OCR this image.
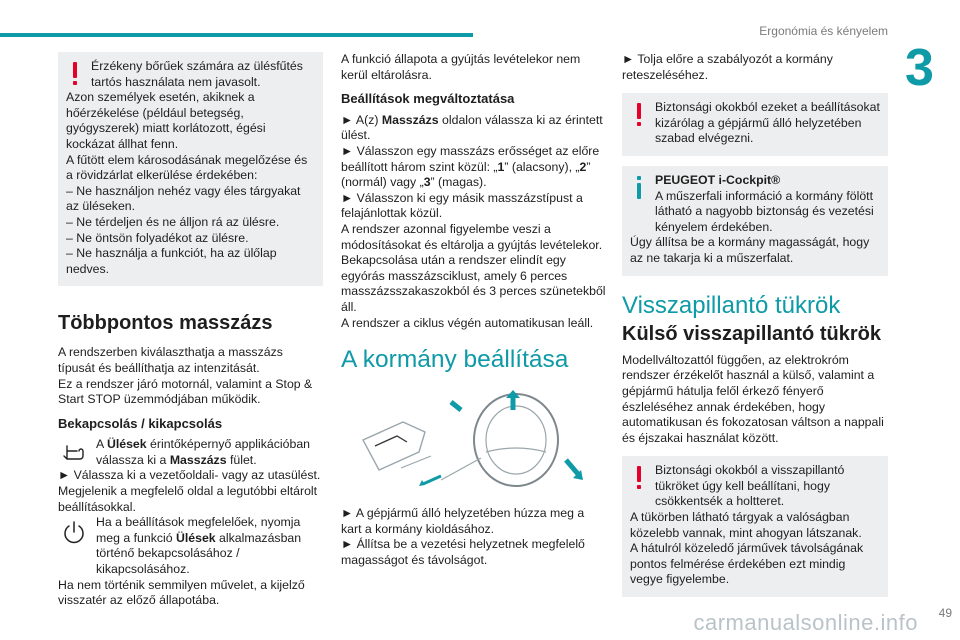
Ergonómia és kényelem
3

Érzékeny bőrűek számára az ülésfűtés tartós használata nem javasolt.

Azon személyek esetén, akiknek a hőérzékelése (például betegség, gyógyszerek) miatt korlátozott, égési kockázat állhat fenn.

A fűtött elem károsodásának megelőzése és a rövidzárlat elkerülése érdekében:

– Ne használjon nehéz vagy éles tárgyakat az üléseken.

– Ne térdeljen és ne álljon rá az ülésre.

– Ne öntsön folyadékot az ülésre.

– Ne használja a funkciót, ha az ülőlap nedves.

Többpontos masszázs

A rendszerben kiválaszthatja a masszázs típusát és beállíthatja az intenzitását.

Ez a rendszer járó motornál, valamint a Stop & Start STOP üzemmódjában működik.

Bekapcsolás / kikapcsolás
A Ülések érintőképernyő applikációban válassza ki a Masszázs fület.

► Válassza ki a vezetőoldali- vagy az utasülést.

Megjelenik a megfelelő oldal a legutóbbi eltárolt beállításokkal.

Ha a beállítások megfelelőek, nyomja meg a funkció Ülések alkalmazásban történő bekapcsolásához / kikapcsolásához.

Ha nem történik semmilyen művelet, a kijelző visszatér az előző állapotába.

A funkció állapota a gyújtás levételekor nem kerül eltárolásra.

Beállítások megváltoztatása

► A(z) Masszázs oldalon válassza ki az érintett ülést.

► Válasszon egy masszázs erősséget az előre beállított három szint közül: „1” (alacsony), „2” (normál) vagy „3” (magas).

► Válasszon ki egy másik masszázstípust a felajánlottak közül.

A rendszer azonnal figyelembe veszi a módosításokat és eltárolja a gyújtás levételekor.

Bekapcsolása után a rendszer elindít egy egyórás masszázsciklust, amely 6 perces masszázsszakaszokból és 3 perces szünetekből áll.

A rendszer a ciklus végén automatikusan leáll.

A kormány beállítása

► A gépjármű álló helyzetében húzza meg a kart a kormány kioldásához.

► Állítsa be a vezetési helyzetnek megfelelő magasságot és távolságot.

► Tolja előre a szabályozót a kormány reteszeléséhez.

Biztonsági okokból ezeket a beállításokat kizárólag a gépjármű álló helyzetében szabad elvégezni.

PEUGEOT i-Cockpit®

A műszerfali információ a kormány fölött látható a nagyobb biztonság és vezetési kényelem érdekében.

Úgy állítsa be a kormány magasságát, hogy az ne takarja ki a műszerfalat.

Visszapillantó tükrök
Külső visszapillantó tükrök

Modellváltozattól függően, az elektrokróm rendszer érzékelőt használ a külső, valamint a gépjármű hátulja felől érkező fényerő észleléséhez annak érdekében, hogy automatikusan és fokozatosan váltson a nappali és éjszakai használat között.

Biztonsági okokból a visszapillantó tükröket úgy kell beállítani, hogy csökkentsék a holtteret.

A tükörben látható tárgyak a valóságban közelebb vannak, mint ahogyan látszanak.

A hátulról közeledő járművek távolságának pontos felmérése érdekében ezt mindig vegye figyelembe.

carmanualsonline.info 49
